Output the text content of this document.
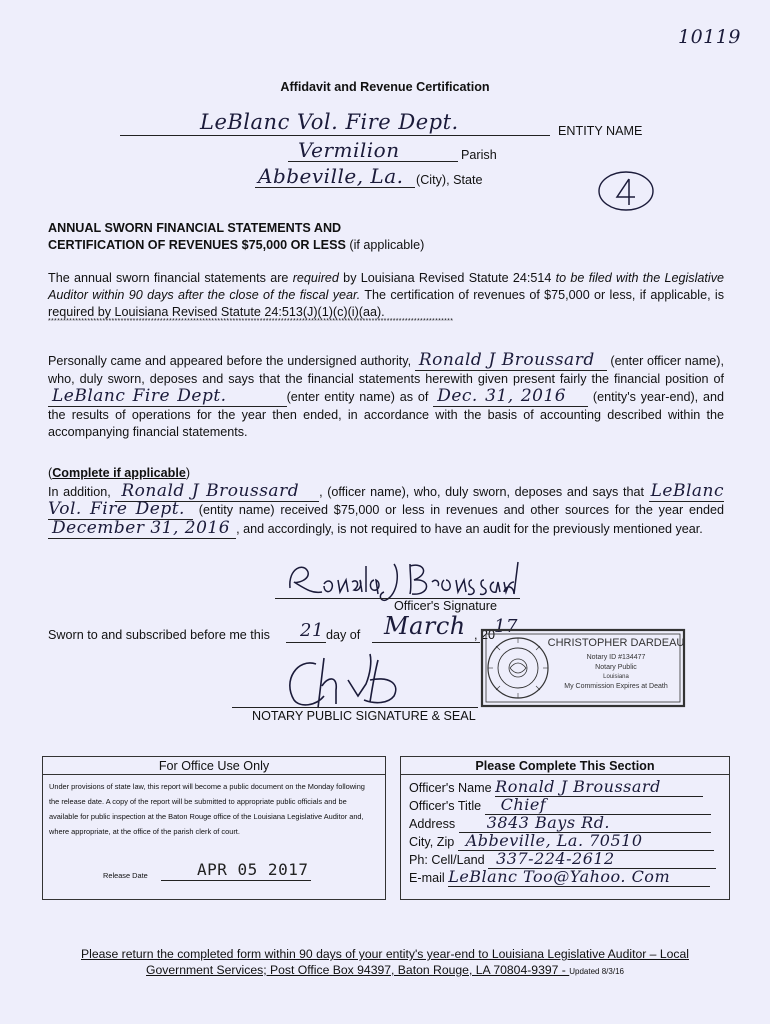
10119
Affidavit and Revenue Certification
LeBlanc Vol. Fire Dept.	ENTITY NAME
Vermilion	Parish
Abbeville, La. (City), State
ANNUAL SWORN FINANCIAL STATEMENTS AND
CERTIFICATION OF REVENUES $75,000 OR LESS (if applicable)
The annual sworn financial statements are required by Louisiana Revised Statute 24:514 to be filed with the Legislative Auditor within 90 days after the close of the fiscal year. The certification of revenues of $75,000 or less, if applicable, is required by Louisiana Revised Statute 24:513(J)(1)(c)(i)(aa).
**************************************************************************************************************************************
Personally came and appeared before the undersigned authority, Ronald J Broussard (enter officer name), who, duly sworn, deposes and says that the financial statements herewith given present fairly the financial position of LeBlanc Fire Dept.	(enter entity name) as of Dec. 31, 2016 (entity's year-end), and the results of operations for the year then ended, in accordance with the basis of accounting described within the accompanying financial statements.
(Complete if applicable)
In addition, Ronald J Broussard , (officer name), who, duly sworn, deposes and says that LeBlanc Vol. Fire Dept. (entity name) received $75,000 or less in revenues and other sources for the year ended December 31, 2016 , and accordingly, is not required to have an audit for the previously mentioned year.
Officer's Signature
Sworn to and subscribed before me this 21 day of March , 20
17
CHRISTOPHER DARDEAU
Notary ID #134477
Notary Public
Louisiana
My Commission Expires at Death
NOTARY PUBLIC SIGNATURE & SEAL
For Office Use Only
Under provisions of state law, this report will become a public document on the Monday following the release date. A copy of the report will be submitted to appropriate public officials and be available for public inspection at the Baton Rouge office of the Louisiana Legislative Auditor and, where appropriate, at the office of the parish clerk of court.
Release Date	APR 05 2017
Please Complete This Section
Officer's Name Ronald J Broussard
Officer's Title Chief
Address 3843 Bays Rd.
City, Zip Abbeville, La. 70510
Ph: Cell/Land 337-224-2612
E-mail LeBlanc Too@Yahoo. Com
Please return the completed form within 90 days of your entity's year-end to Louisiana Legislative Auditor – Local
Government Services; Post Office Box 94397, Baton Rouge, LA 70804-9397 - Updated 8/3/16
